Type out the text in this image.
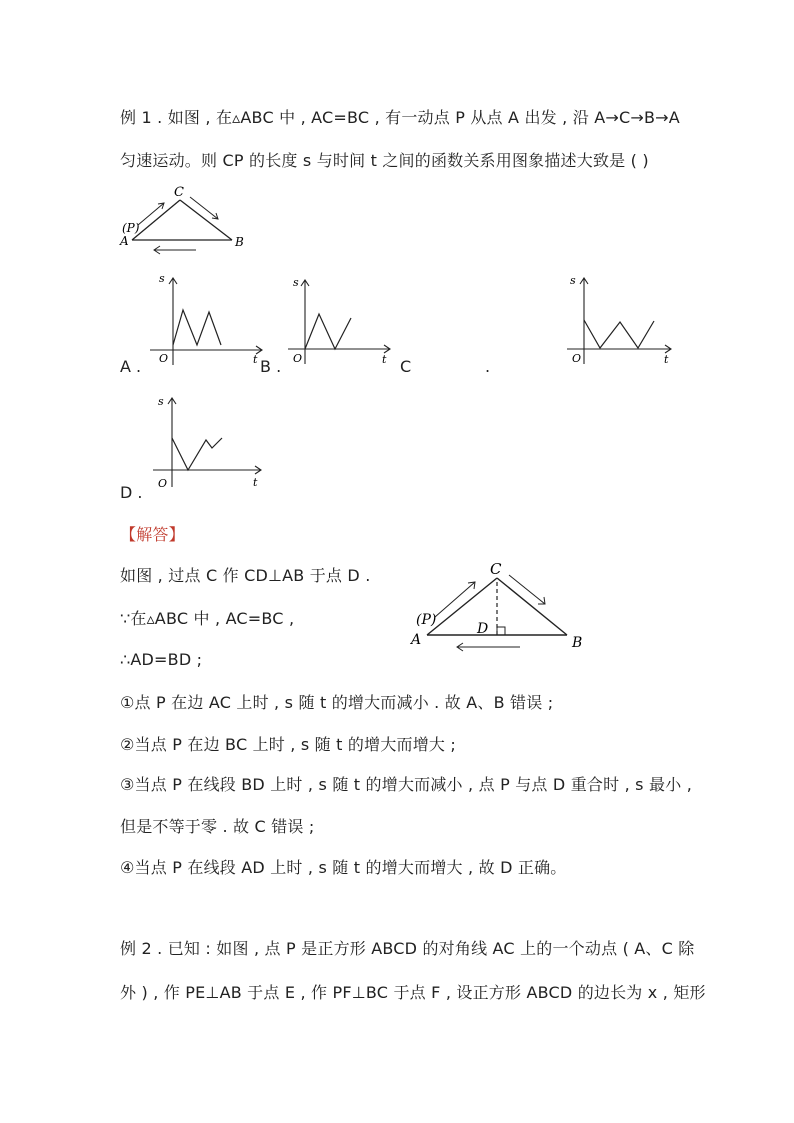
例 1 . 如图 , 在▵ABC 中 , AC=BC , 有一动点 P 从点 A 出发 , 沿 A→C→B→A
匀速运动。则 CP 的长度 s 与时间 t 之间的函数关系用图象描述大致是 ( )
C
(P)
A	B
s
O	t
A .
s
O	t
B .	C	.
s
O	t
s
O	t
D .
【解答】
如图 , 过点 C 作 CD⊥AB 于点 D .
∵在▵ABC 中 , AC=BC ,
∴AD=BD ;
C
(P)
A
D
B
①点 P 在边 AC 上时 , s 随 t 的增大而减小 . 故 A、B 错误 ;
②当点 P 在边 BC 上时 , s 随 t 的增大而增大 ;
③当点 P 在线段 BD 上时 , s 随 t 的增大而减小 , 点 P 与点 D 重合时 , s 最小 ,
但是不等于零 . 故 C 错误 ;
④当点 P 在线段 AD 上时 , s 随 t 的增大而增大 , 故 D 正确。
例 2 . 已知 : 如图 , 点 P 是正方形 ABCD 的对角线 AC 上的一个动点 ( A、C 除
外 ) , 作 PE⊥AB 于点 E , 作 PF⊥BC 于点 F , 设正方形 ABCD 的边长为 x , 矩形
